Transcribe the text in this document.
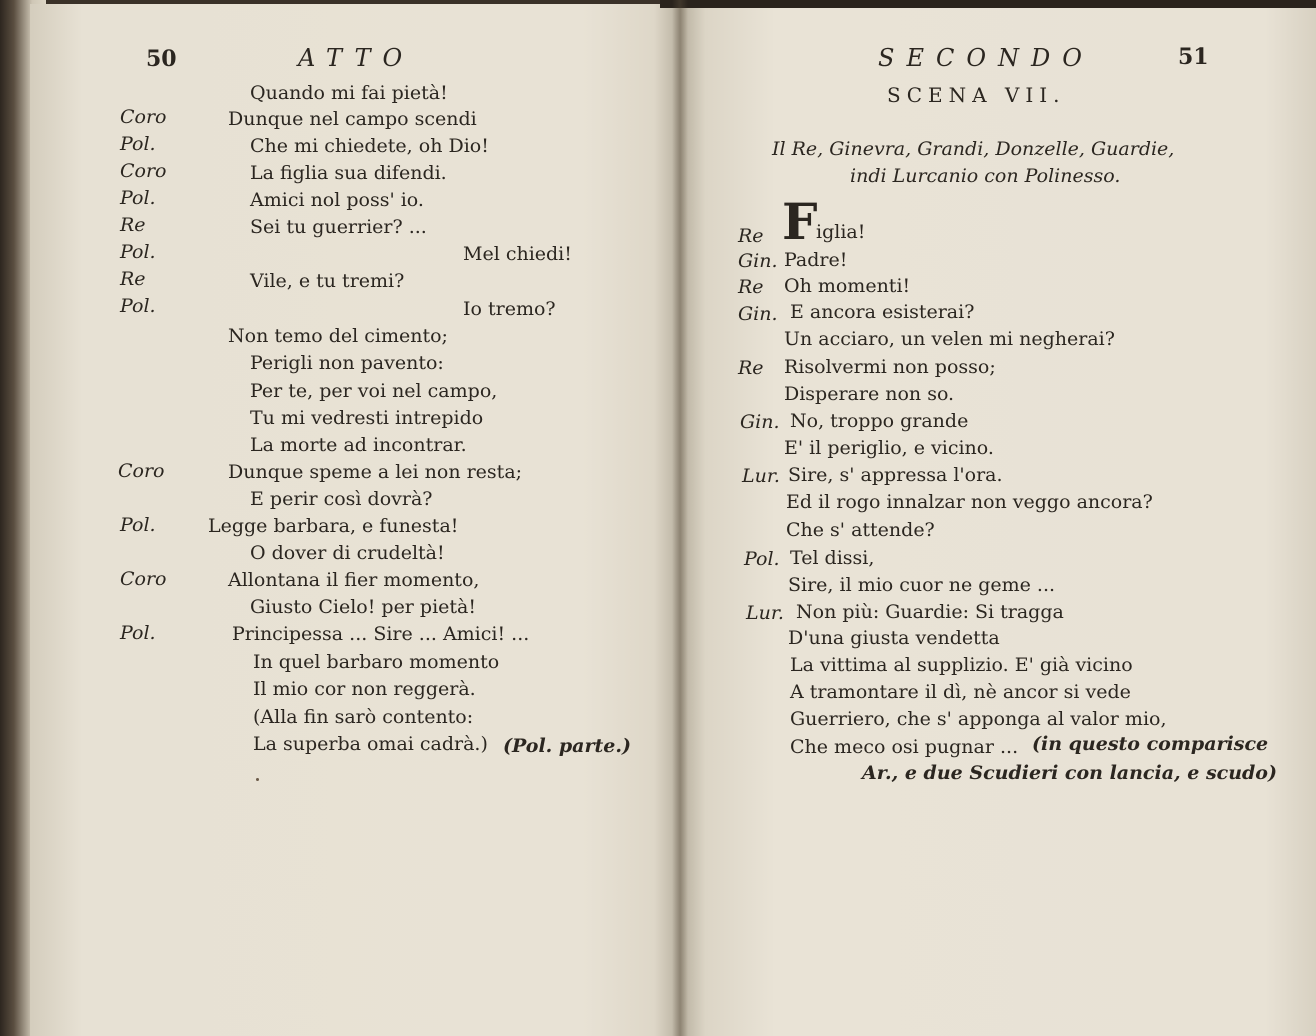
50	ATTO
Coro
Pol.
Coro
Pol.
Re
Pol.
Re
Pol.
Coro
Pol.
Coro
Pol.
Quando mi fai pietà!
Dunque nel campo scendi
Che mi chiedete, oh Dio!
La figlia sua difendi.
Amici nol poss' io.
Sei tu guerrier? ...
Mel chiedi!
Vile, e tu tremi?
Io tremo?
Non temo del cimento;
Perigli non pavento:
Per te, per voi nel campo,
Tu mi vedresti intrepido
La morte ad incontrar.
Dunque speme a lei non resta;
E perir così dovrà?
Legge barbara, e funesta!
O dover di crudeltà!
Allontana il fier momento,
Giusto Cielo! per pietà!
Principessa ... Sire ... Amici! ...
In quel barbaro momento
Il mio cor non reggerà.
(Alla fin sarò contento:
La superba omai cadrà.) (Pol. parte.)
SECONDO	51
SCENA VII.
Il Re, Ginevra, Grandi, Donzelle, Guardie,
indi Lurcanio con Polinesso.
Re
Gin.
Re
Gin.
Re
Gin.
Lur.
Pol.
Lur.
F
iglia!
Padre!
Oh momenti!
E ancora esisterai?
Un acciaro, un velen mi negherai?
Risolvermi non posso;
Disperare non so.
No, troppo grande
E' il periglio, e vicino.
Sire, s' appressa l'ora.
Ed il rogo innalzar non veggo ancora?
Che s' attende?
Tel dissi,
Sire, il mio cuor ne geme ...
Non più: Guardie: Si tragga
D'una giusta vendetta
La vittima al supplizio. E' già vicino
A tramontare il dì, nè ancor si vede
Guerriero, che s' apponga al valor mio,
Che meco osi pugnar ... (in questo comparisce
Ar., e due Scudieri con lancia, e scudo)
